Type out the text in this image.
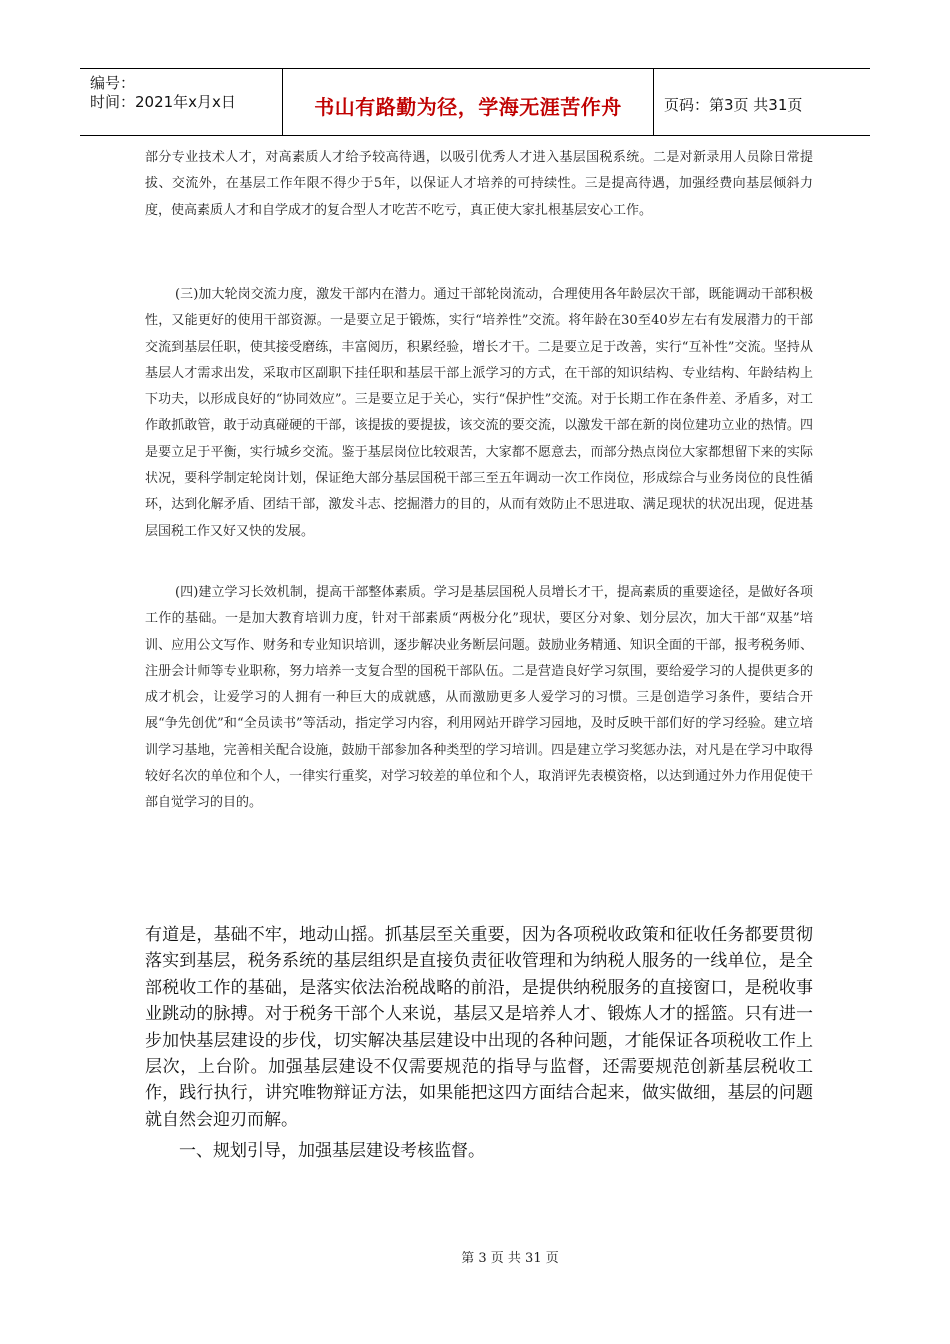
编号：
时间：2021年x月x日	书山有路勤为径，学海无涯苦作舟	页码：第3页 共31页

部分专业技术人才，对高素质人才给予较高待遇，以吸引优秀人才进入基层国税系统。二是对新录用人员除日常提拔、交流外，在基层工作年限不得少于5年，以保证人才培养的可持续性。三是提高待遇，加强经费向基层倾斜力度，使高素质人才和自学成才的复合型人才吃苦不吃亏，真正使大家扎根基层安心工作。

(三)加大轮岗交流力度，激发干部内在潜力。通过干部轮岗流动，合理使用各年龄层次干部，既能调动干部积极性，又能更好的使用干部资源。一是要立足于锻炼，实行“培养性”交流。将年龄在30至40岁左右有发展潜力的干部交流到基层任职，使其接受磨练，丰富阅历，积累经验，增长才干。二是要立足于改善，实行“互补性”交流。坚持从基层人才需求出发，采取市区副职下挂任职和基层干部上派学习的方式，在干部的知识结构、专业结构、年龄结构上下功夫，以形成良好的“协同效应”。三是要立足于关心，实行“保护性”交流。对于长期工作在条件差、矛盾多，对工作敢抓敢管，敢于动真碰硬的干部，该提拔的要提拔，该交流的要交流，以激发干部在新的岗位建功立业的热情。四是要立足于平衡，实行城乡交流。鉴于基层岗位比较艰苦，大家都不愿意去，而部分热点岗位大家都想留下来的实际状况，要科学制定轮岗计划，保证绝大部分基层国税干部三至五年调动一次工作岗位，形成综合与业务岗位的良性循环，达到化解矛盾、团结干部，激发斗志、挖掘潜力的目的，从而有效防止不思进取、满足现状的状况出现，促进基层国税工作又好又快的发展。

(四)建立学习长效机制，提高干部整体素质。学习是基层国税人员增长才干，提高素质的重要途径，是做好各项工作的基础。一是加大教育培训力度，针对干部素质“两极分化”现状，要区分对象、划分层次，加大干部“双基”培训、应用公文写作、财务和专业知识培训，逐步解决业务断层问题。鼓励业务精通、知识全面的干部，报考税务师、注册会计师等专业职称，努力培养一支复合型的国税干部队伍。二是营造良好学习氛围，要给爱学习的人提供更多的成才机会，让爱学习的人拥有一种巨大的成就感，从而激励更多人爱学习的习惯。三是创造学习条件，要结合开展“争先创优”和“全员读书”等活动，指定学习内容，利用网站开辟学习园地，及时反映干部们好的学习经验。建立培训学习基地，完善相关配合设施，鼓励干部参加各种类型的学习培训。四是建立学习奖惩办法，对凡是在学习中取得较好名次的单位和个人，一律实行重奖，对学习较差的单位和个人，取消评先表模资格，以达到通过外力作用促使干部自觉学习的目的。

有道是，基础不牢，地动山摇。抓基层至关重要，因为各项税收政策和征收任务都要贯彻落实到基层，税务系统的基层组织是直接负责征收管理和为纳税人服务的一线单位，是全部税收工作的基础，是落实依法治税战略的前沿，是提供纳税服务的直接窗口，是税收事业跳动的脉搏。对于税务干部个人来说，基层又是培养人才、锻炼人才的摇篮。只有进一步加快基层建设的步伐，切实解决基层建设中出现的各种问题，才能保证各项税收工作上层次，上台阶。加强基层建设不仅需要规范的指导与监督，还需要规范创新基层税收工作，践行执行，讲究唯物辩证方法，如果能把这四方面结合起来，做实做细，基层的问题就自然会迎刃而解。

一、规划引导，加强基层建设考核监督。

第 3 页 共 31 页
